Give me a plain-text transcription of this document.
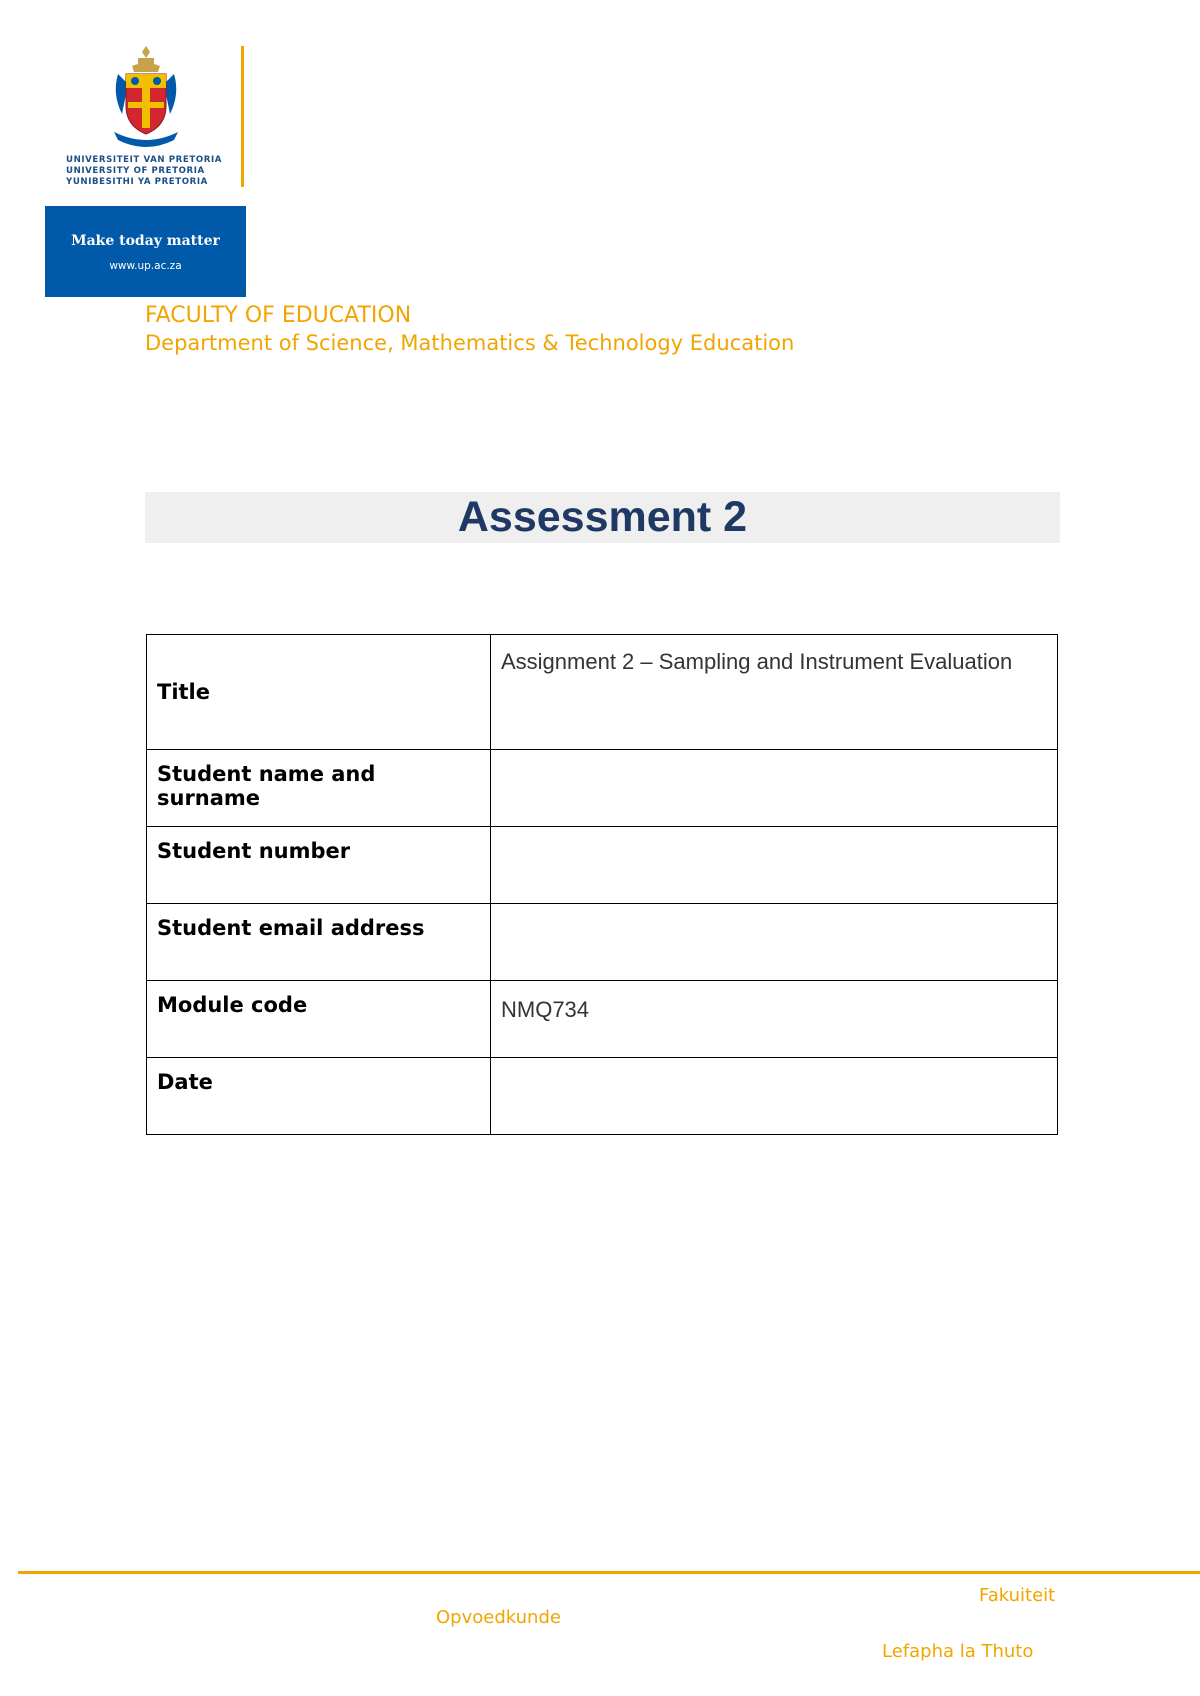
UNIVERSITEIT VAN PRETORIA
UNIVERSITY OF PRETORIA
YUNIBESITHI YA PRETORIA
Make today matter
www.up.ac.za
FACULTY OF EDUCATION
Department of Science, Mathematics & Technology Education
Assessment 2
Title	Assignment 2 – Sampling and Instrument Evaluation
Student name and surname	
Student number	
Student email address	
Module code	NMQ734
Date	
Fakuiteit
Opvoedkunde
Lefapha la Thuto
